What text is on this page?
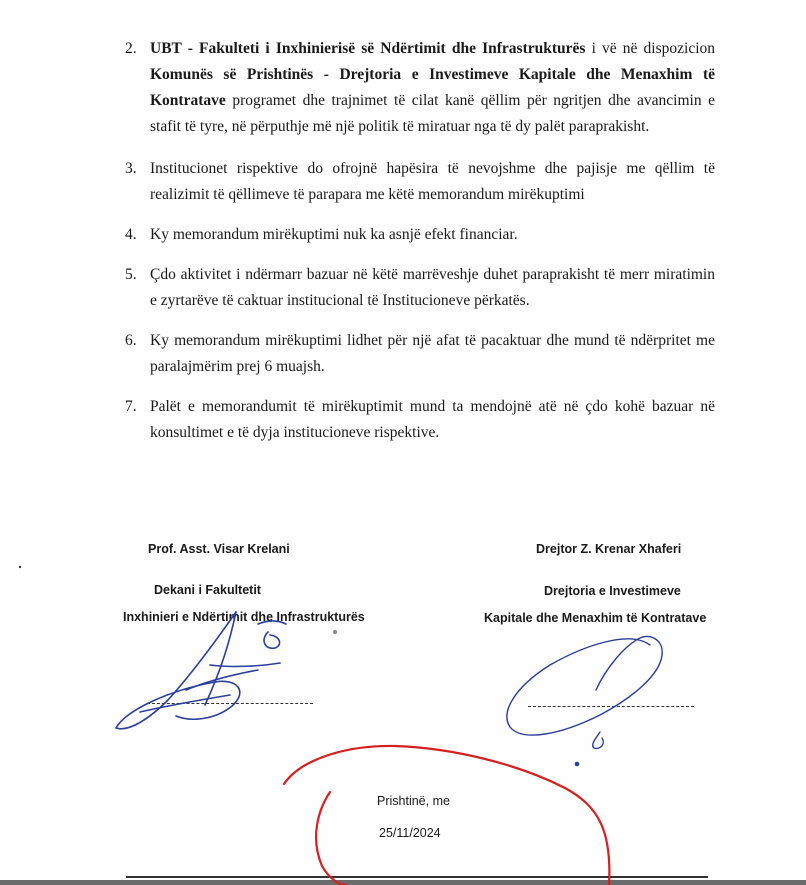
2. UBT - Fakulteti i Inxhinierisë së Ndërtimit dhe Infrastrukturës i vë në dispozicion Komunës së Prishtinës - Drejtoria e Investimeve Kapitale dhe Menaxhim të Kontratave programet dhe trajnimet të cilat kanë qëllim për ngritjen dhe avancimin e stafit të tyre, në përputhje më një politik të miratuar nga të dy palët paraprakisht.
3. Institucionet rispektive do ofrojnë hapësira të nevojshme dhe pajisje me qëllim të realizimit të qëllimeve të parapara me këtë memorandum mirëkuptimi
4. Ky memorandum mirëkuptimi nuk ka asnjë efekt financiar.
5. Çdo aktivitet i ndërmarr bazuar në këtë marrëveshje duhet paraprakisht të merr miratimin e zyrtarëve të caktuar institucional të Institucioneve përkatës.
6. Ky memorandum mirëkuptimi lidhet për një afat të pacaktuar dhe mund të ndërpritet me paralajmërim prej 6 muajsh.
7. Palët e memorandumit të mirëkuptimit mund ta mendojnë atë në çdo kohë bazuar në konsultimet e të dyja institucioneve rispektive.
Prof. Asst. Visar Krelani
Dekani i Fakultetit
Inxhinieri e Ndërtimit dhe Infrastrukturës
Drejtor Z. Krenar Xhaferi
Drejtoria e Investimeve
Kapitale dhe Menaxhim të Kontratave
Prishtinë, me
25/11/2024
